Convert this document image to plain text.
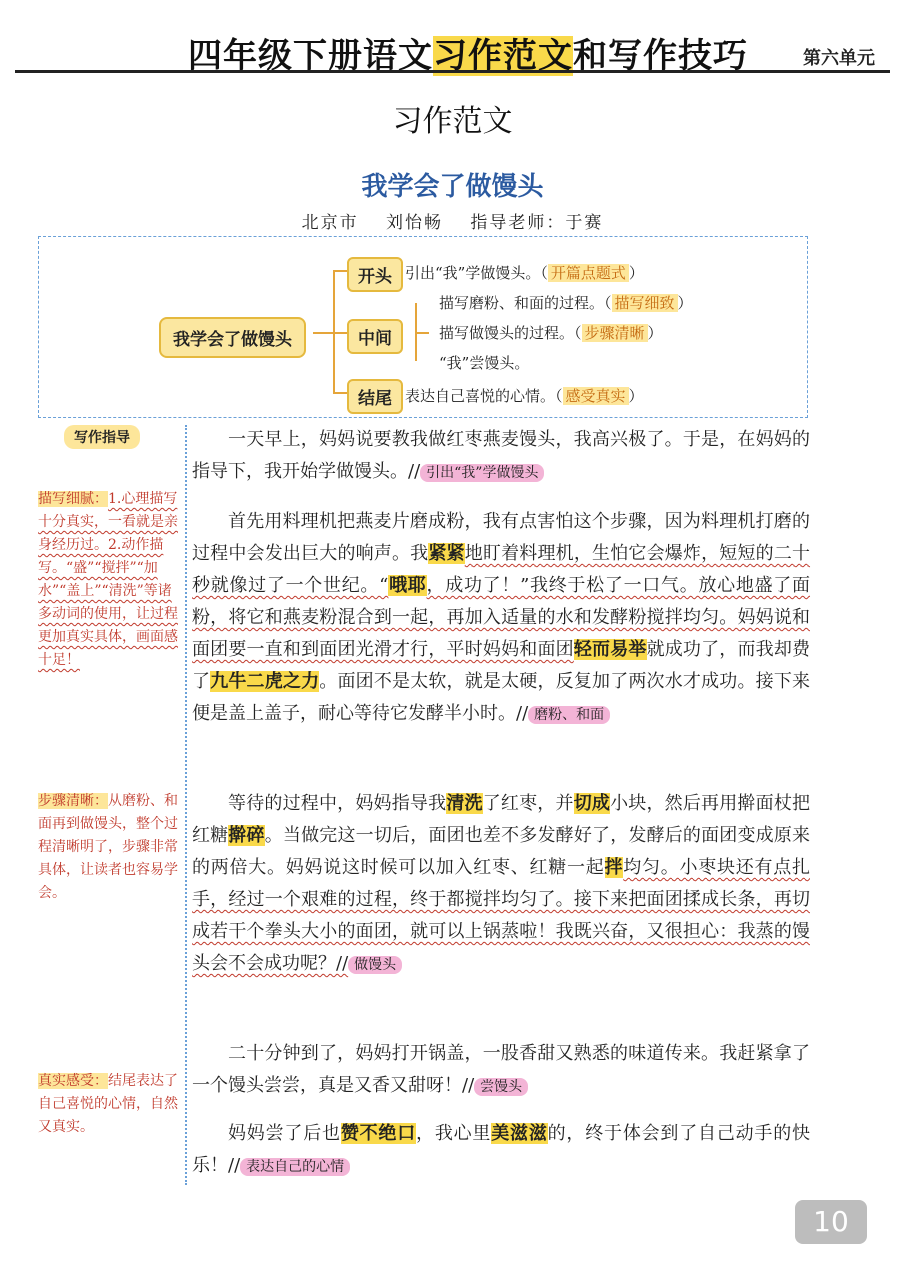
四年级下册语文习作范文和写作技巧	第六单元
习作范文
我学会了做馒头
北京市 刘怡畅 指导老师：于赛
我学会了做馒头
开头 引出“我”学做馒头。（ 开篇点题式 ）
中间
描写磨粉、和面的过程。（ 描写细致 ）
描写做馒头的过程。（ 步骤清晰 ）
“我”尝馒头。
结尾 表达自己喜悦的心情。（ 感受真实 ）
写作指导
描写细腻：1.心理描写十分真实，一看就是亲身经历过。2.动作描写。“盛”“搅拌”“加水”“盖上”“清洗”等诸多动词的使用，让过程更加真实具体，画面感十足！
步骤清晰：从磨粉、和面再到做馒头，整个过程清晰明了，步骤非常具体，让读者也容易学会。
真实感受：结尾表达了自己喜悦的心情，自然又真实。
一天早上，妈妈说要教我做红枣燕麦馒头，我高兴极了。于是，在妈妈的指导下，我开始学做馒头。// 引出“我”学做馒头
首先用料理机把燕麦片磨成粉，我有点害怕这个步骤，因为料理机打磨的过程中会发出巨大的响声。我紧紧地盯着料理机，生怕它会爆炸，短短的二十秒就像过了一个世纪。“哦耶，成功了！”我终于松了一口气。放心地盛了面粉，将它和燕麦粉混合到一起，再加入适量的水和发酵粉搅拌均匀。妈妈说和面团要一直和到面团光滑才行，平时妈妈和面团轻而易举就成功了，而我却费了九牛二虎之力。面团不是太软，就是太硬，反复加了两次水才成功。接下来便是盖上盖子，耐心等待它发酵半小时。// 磨粉、和面
等待的过程中，妈妈指导我清洗了红枣，并切成小块，然后再用擀面杖把红糖擀碎。当做完这一切后，面团也差不多发酵好了，发酵后的面团变成原来的两倍大。妈妈说这时候可以加入红枣、红糖一起拌均匀。小枣块还有点扎手，经过一个艰难的过程，终于都搅拌均匀了。接下来把面团揉成长条，再切成若干个拳头大小的面团，就可以上锅蒸啦！我既兴奋，又很担心：我蒸的馒头会不会成功呢？// 做馒头
二十分钟到了，妈妈打开锅盖，一股香甜又熟悉的味道传来。我赶紧拿了一个馒头尝尝，真是又香又甜呀！// 尝馒头
妈妈尝了后也赞不绝口，我心里美滋滋的，终于体会到了自己动手的快乐！// 表达自己的心情
10
